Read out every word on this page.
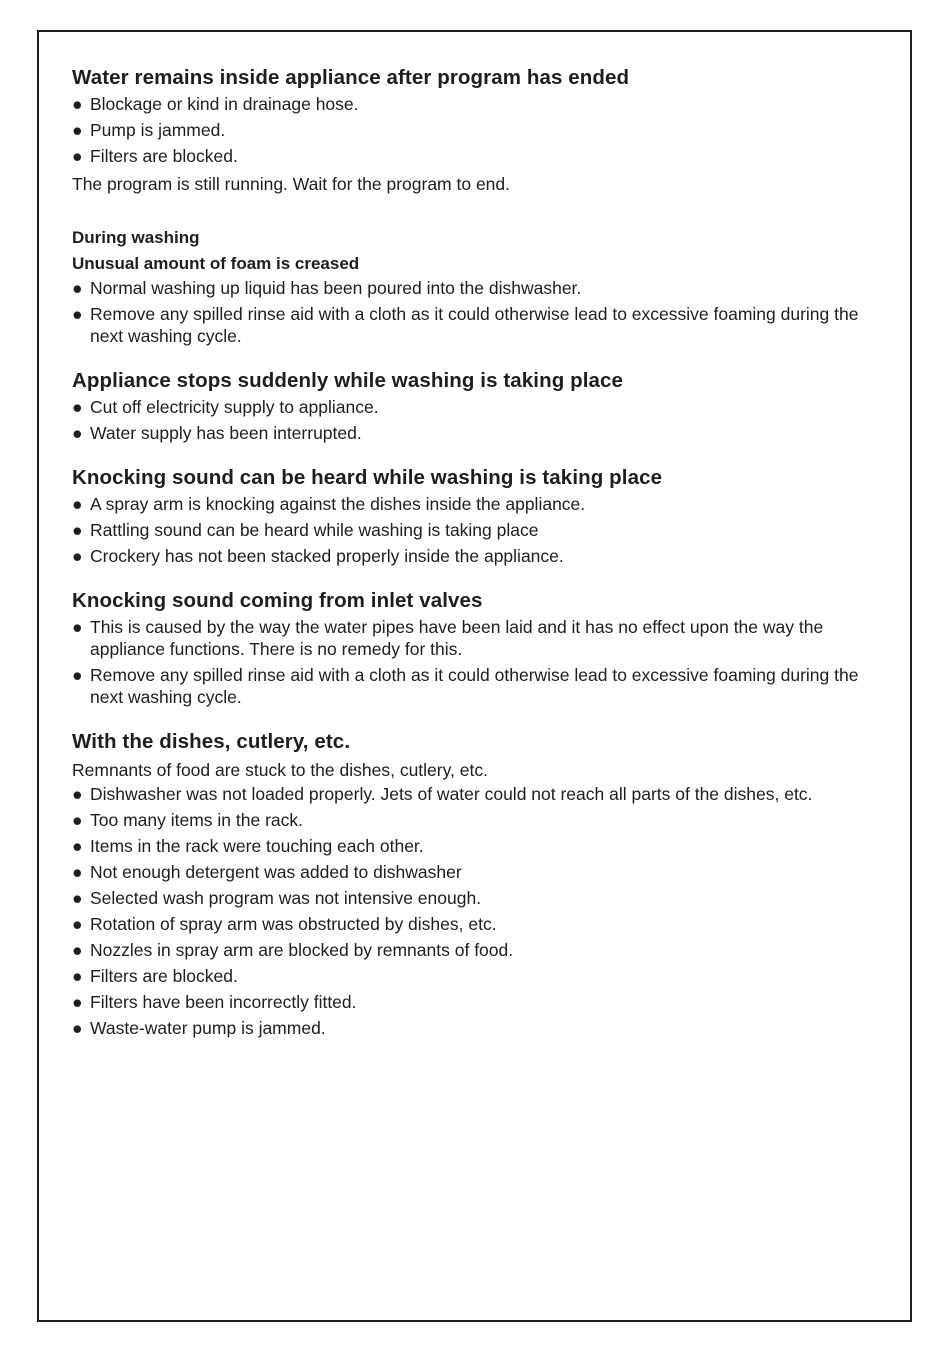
Water remains inside appliance after program has ended
● Blockage or kind in drainage hose.
● Pump is jammed.
● Filters are blocked.

The program is still running. Wait for the program to end.

During washing
Unusual amount of foam is creased
● Normal washing up liquid has been poured into the dishwasher.
● Remove any spilled rinse aid with a cloth as it could otherwise lead to excessive foaming during the next washing cycle.
Appliance stops suddenly while washing is taking place
● Cut off electricity supply to appliance.
● Water supply has been interrupted.
Knocking sound can be heard while washing is taking place
● A spray arm is knocking against the dishes inside the appliance.
● Rattling sound can be heard while washing is taking place
● Crockery has not been stacked properly inside the appliance.
Knocking sound coming from inlet valves
● This is caused by the way the water pipes have been laid and it has no effect upon the way the appliance functions. There is no remedy for this.
● Remove any spilled rinse aid with a cloth as it could otherwise lead to excessive foaming during the next washing cycle.
With the dishes, cutlery, etc.

Remnants of food are stuck to the dishes, cutlery, etc.

● Dishwasher was not loaded properly. Jets of water could not reach all parts of the dishes, etc.
● Too many items in the rack.
● Items in the rack were touching each other.
● Not enough detergent was added to dishwasher
● Selected wash program was not intensive enough.
● Rotation of spray arm was obstructed by dishes, etc.
● Nozzles in spray arm are blocked by remnants of food.
● Filters are blocked.
● Filters have been incorrectly fitted.
● Waste-water pump is jammed.
